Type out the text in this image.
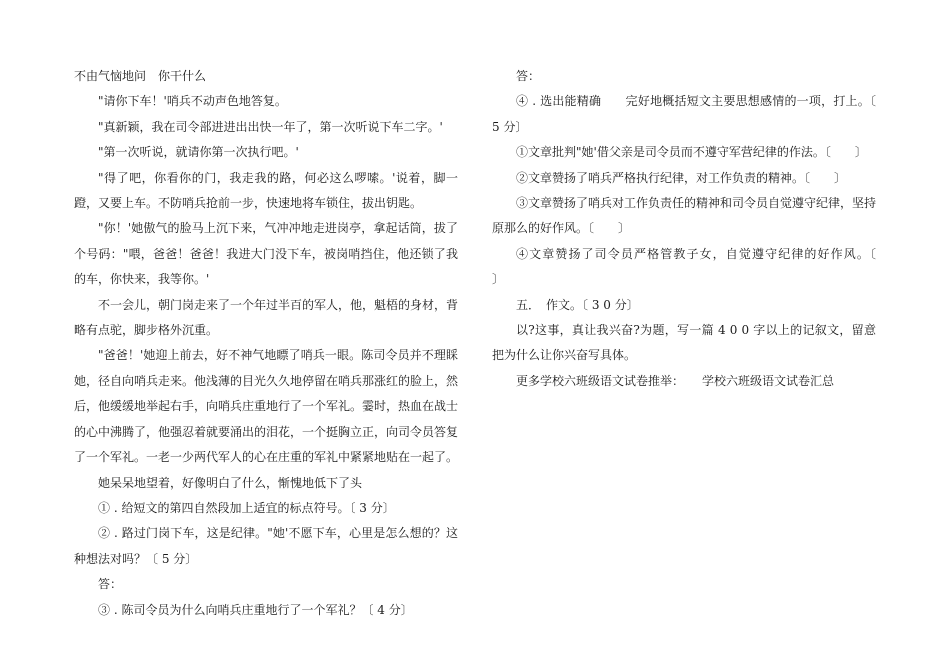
不由气恼地问　你干什么

"请你下车！'哨兵不动声色地答复。

"真新颖，我在司令部进进出出快一年了，第一次听说下车二字。'

"第一次听说，就请你第一次执行吧。'

"得了吧，你看你的门，我走我的路，何必这么啰嗦。'说着，脚一蹬，又要上车。不防哨兵抢前一步，快速地将车锁住，拔出钥匙。

"你！'她傲气的脸马上沉下来，气冲冲地走进岗亭，拿起话筒，拔了个号码："喂，爸爸！爸爸！我进大门没下车，被岗哨挡住，他还锁了我的车，你快来，我等你。'

不一会儿，朝门岗走来了一个年过半百的军人，他，魁梧的身材，背略有点驼，脚步格外沉重。

"爸爸！'她迎上前去，好不神气地瞟了哨兵一眼。陈司令员并不理睬她，径自向哨兵走来。他浅薄的目光久久地停留在哨兵那涨红的脸上，然后，他缓缓地举起右手，向哨兵庄重地行了一个军礼。霎时，热血在战士的心中沸腾了，他强忍着就要涌出的泪花，一个挺胸立正，向司令员答复了一个军礼。一老一少两代军人的心在庄重的军礼中紧紧地贴在一起了。

她呆呆地望着，好像明白了什么，惭愧地低下了头

① . 给短文的第四自然段加上适宜的标点符号。〔 3 分〕

② . 路过门岗下车，这是纪律。"她'不愿下车，心里是怎么想的？这种想法对吗？〔 5 分〕

答：

③ . 陈司令员为什么向哨兵庄重地行了一个军礼？〔 4 分〕

答：

④ . 选出能精确　　完好地概括短文主要思想感情的一项，打上。〔 5 分〕

①文章批判"她'借父亲是司令员而不遵守军营纪律的作法。〔　　〕

②文章赞扬了哨兵严格执行纪律，对工作负责的精神。〔　　〕

③文章赞扬了哨兵对工作负责任的精神和司令员自觉遵守纪律，坚持原那么的好作风。〔　　〕

④文章赞扬了司令员严格管教子女，自觉遵守纪律的好作风。〔　　〕

五．　作文。〔 3 0 分〕

以?这事，真让我兴奋?为题，写一篇 4 0 0 字以上的记叙文，留意把为什么让你兴奋写具体。

更多学校六班级语文试卷推举：　　学校六班级语文试卷汇总
